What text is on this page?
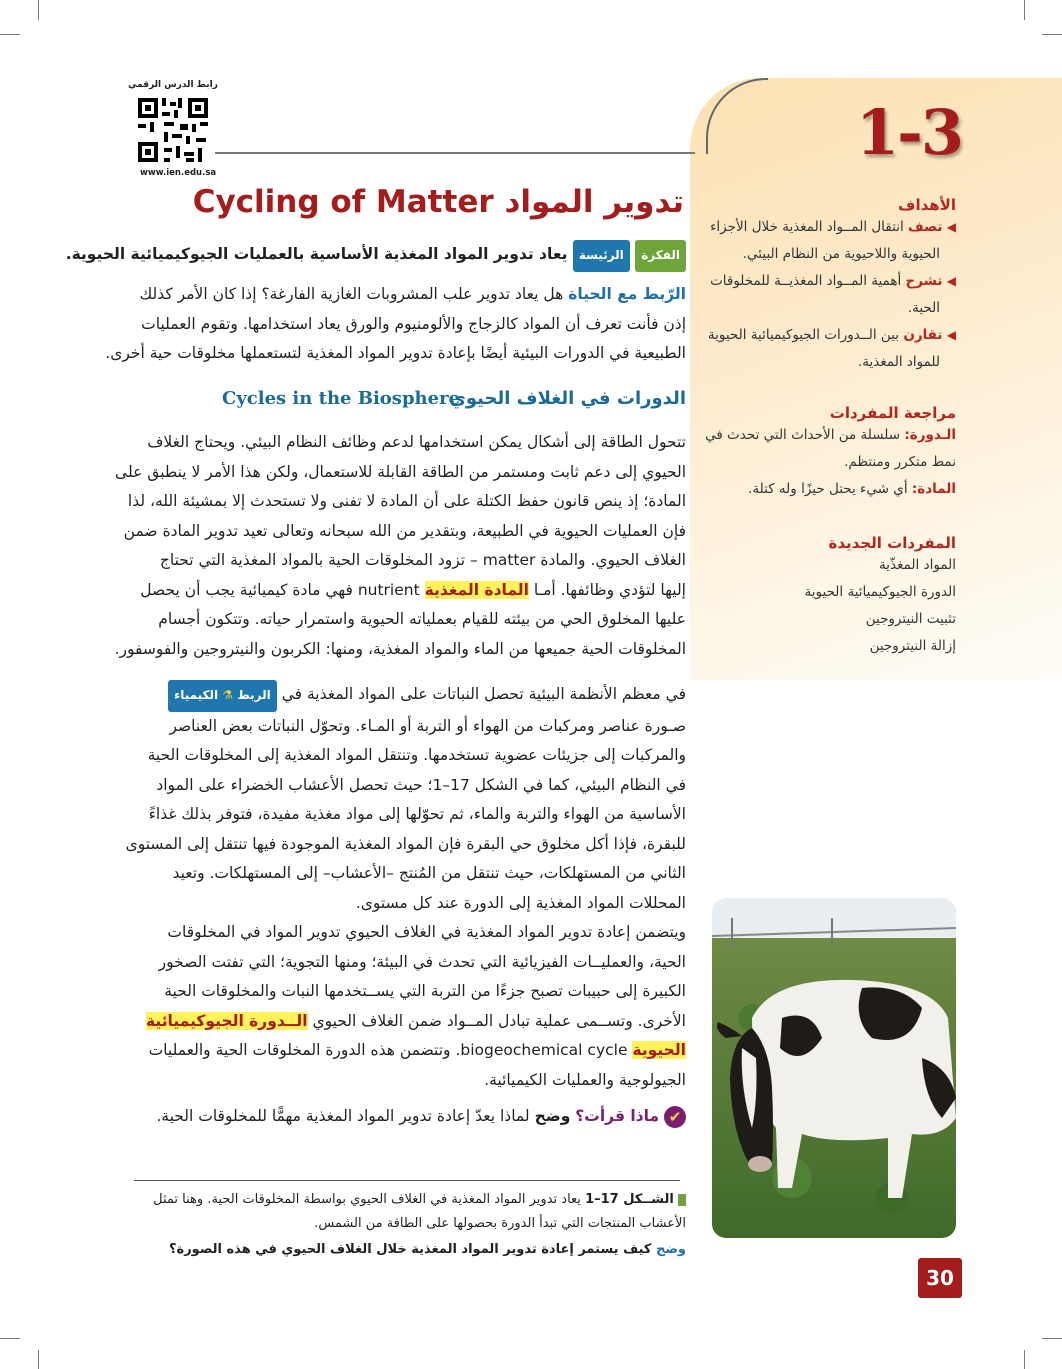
1-3
رابط الدرس الرقمي
www.ien.edu.sa
Cycling of Matter تدوير المواد
الفكرة الرئيسة يعاد تدوير المواد المغذية الأساسية بالعمليات الجيوكيميائية الحيوية.
الرّبط مع الحياة هل يعاد تدوير علب المشروبات الغازية الفارغة؟ إذا كان الأمر كذلك
إذن فأنت تعرف أن المواد كالزجاج والألومنيوم والورق يعاد استخدامها. وتقوم العمليات
الطبيعية في الدورات البيئية أيضًا بإعادة تدوير المواد المغذية لتستعملها مخلوقات حية أخرى.
الدورات في الغلاف الحيوي
Cycles in the Biosphere
تتحول الطاقة إلى أشكال يمكن استخدامها لدعم وظائف النظام البيئي. ويحتاج الغلاف
الحيوي إلى دعم ثابت ومستمر من الطاقة القابلة للاستعمال، ولكن هذا الأمر لا ينطبق على
المادة؛ إذ ينص قانون حفظ الكتلة على أن المادة لا تفنى ولا تستحدث إلا بمشيئة الله، لذا
فإن العمليات الحيوية في الطبيعة، وبتقدير من الله سبحانه وتعالى تعيد تدوير المادة ضمن
الغلاف الحيوي. والمادة matter – تزود المخلوقات الحية بالمواد المغذية التي تحتاج
إليها لتؤدي وظائفها. أمـا المادة المغذية nutrient فهي مادة كيميائية يجب أن يحصل
عليها المخلوق الحي من بيئته للقيام بعملياته الحيوية واستمرار حياته. وتتكون أجسام
المخلوقات الحية جميعها من الماء والمواد المغذية، ومنها: الكربون والنيتروجين والفوسفور.
في معظم الأنظمة البيئية تحصل النباتات على المواد المغذية في الربط ⚗ الكيمياء
صـورة عناصر ومركبات من الهواء أو التربة أو المـاء. وتحوّل النباتات بعض العناصر
والمركبات إلى جزيئات عضوية تستخدمها. وتنتقل المواد المغذية إلى المخلوقات الحية
في النظام البيئي، كما في الشكل 17–1؛ حيث تحصل الأعشاب الخضراء على المواد
الأساسية من الهواء والتربة والماء، ثم تحوّلها إلى مواد مغذية مفيدة، فتوفر بذلك غذاءً
للبقرة، فإذا أكل مخلوق حي البقرة فإن المواد المغذية الموجودة فيها تنتقل إلى المستوى
الثاني من المستهلكات، حيث تنتقل من المُنتج –الأعشاب– إلى المستهلكات. وتعيد
المحللات المواد المغذية إلى الدورة عند كل مستوى.
ويتضمن إعادة تدوير المواد المغذية في الغلاف الحيوي تدوير المواد في المخلوقات
الحية، والعمليــات الفيزيائية التي تحدث في البيئة؛ ومنها التجوية؛ التي تفتت الصخور
الكبيرة إلى حبيبات تصبح جزءًا من التربة التي يســتخدمها النبات والمخلوقات الحية
الأخرى. وتســمى عملية تبادل المــواد ضمن الغلاف الحيوي الــدورة الجيوكيميائية
الحيوية biogeochemical cycle. وتتضمن هذه الدورة المخلوقات الحية والعمليات
الجيولوجية والعمليات الكيميائية.
✔ ماذا قرأت؟ وضح لماذا يعدّ إعادة تدوير المواد المغذية مهمًّا للمخلوقات الحية.
الشــكل 17–1 يعاد تدوير المواد المغذية في الغلاف الحيوي بواسطة المخلوقات الحية. وهنا تمثل
الأعشاب المنتجات التي تبدأ الدورة بحصولها على الطاقة من الشمس.
وضح كيف يستمر إعادة تدوير المواد المغذية خلال الغلاف الحيوي في هذه الصورة؟
30
الأهداف
◀ تصف انتقال المــواد المغذية خلال الأجزاء
الحيوية واللاحيوية من النظام البيئي.
◀ تشرح أهمية المــواد المغذيــة للمخلوقات
الحية.
◀ تقارن بين الــدورات الجيوكيميائية الحيوية
للمواد المغذية.
مراجعة المفردات
الـدورة: سلسلة من الأحداث التي تحدث في
نمط متكرر ومنتظم.
المادة: أي شيء يحتل حيزًا وله كتلة.
المفردات الجديدة
المواد المغذّية
الدورة الجيوكيميائية الحيوية
تثبيت النيتروجين
إزالة النيتروجين
